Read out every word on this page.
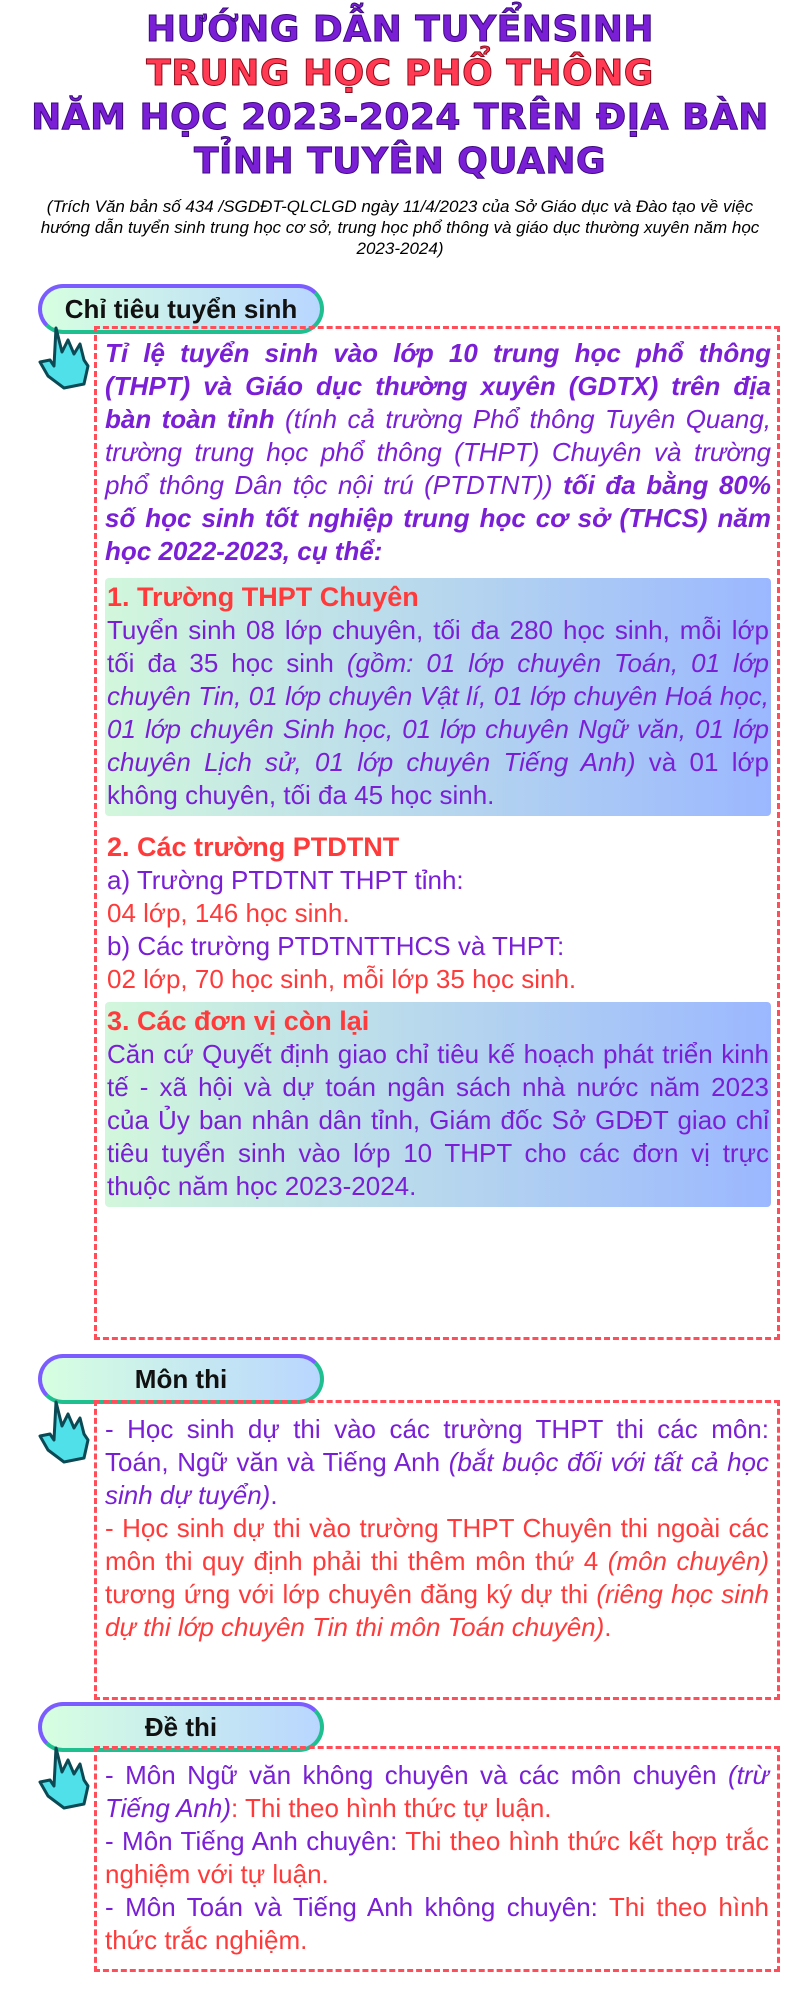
HƯỚNG DẪN TUYỂNSINH

TRUNG HỌC PHỔ THÔNG

NĂM HỌC 2023-2024 TRÊN ĐỊA BÀN

TỈNH TUYÊN QUANG

(Trích Văn bản số 434 /SGDĐT-QLCLGD ngày 11/4/2023 của Sở Giáo dục và Đào tạo về việc hướng dẫn tuyển sinh trung học cơ sở, trung học phổ thông và giáo dục thường xuyên năm học 2023-2024)
Chỉ tiêu tuyển sinh
Tỉ lệ tuyển sinh vào lớp 10 trung học phổ thông (THPT) và Giáo dục thường xuyên (GDTX) trên địa bàn toàn tỉnh (tính cả trường Phổ thông Tuyên Quang, trường trung học phổ thông (THPT) Chuyên và trường phổ thông Dân tộc nội trú (PTDTNT)) tối đa bằng 80% số học sinh tốt nghiệp trung học cơ sở (THCS) năm học 2022-2023, cụ thể:
1. Trường THPT Chuyên
Tuyển sinh 08 lớp chuyên, tối đa 280 học sinh, mỗi lớp tối đa 35 học sinh (gồm: 01 lớp chuyên Toán, 01 lớp chuyên Tin, 01 lớp chuyên Vật lí, 01 lớp chuyên Hoá học, 01 lớp chuyên Sinh học, 01 lớp chuyên Ngữ văn, 01 lớp chuyên Lịch sử, 01 lớp chuyên Tiếng Anh) và 01 lớp không chuyên, tối đa 45 học sinh.
2. Các trường PTDTNT
a) Trường PTDTNT THPT tỉnh:
04 lớp, 146 học sinh.
b) Các trường PTDTNTTHCS và THPT:
02 lớp, 70 học sinh, mỗi lớp 35 học sinh.
3. Các đơn vị còn lại
Căn cứ Quyết định giao chỉ tiêu kế hoạch phát triển kinh tế - xã hội và dự toán ngân sách nhà nước năm 2023 của Ủy ban nhân dân tỉnh, Giám đốc Sở GDĐT giao chỉ tiêu tuyển sinh vào lớp 10 THPT cho các đơn vị trực thuộc năm học 2023-2024.
Môn thi
- Học sinh dự thi vào các trường THPT thi các môn: Toán, Ngữ văn và Tiếng Anh (bắt buộc đối với tất cả học sinh dự tuyển).
- Học sinh dự thi vào trường THPT Chuyên thi ngoài các môn thi quy định phải thi thêm môn thứ 4 (môn chuyên) tương ứng với lớp chuyên đăng ký dự thi (riêng học sinh dự thi lớp chuyên Tin thi môn Toán chuyên).
Đề thi
- Môn Ngữ văn không chuyên và các môn chuyên (trừ Tiếng Anh): Thi theo hình thức tự luận.
- Môn Tiếng Anh chuyên: Thi theo hình thức kết hợp trắc nghiệm với tự luận.
- Môn Toán và Tiếng Anh không chuyên: Thi theo hình thức trắc nghiệm.
